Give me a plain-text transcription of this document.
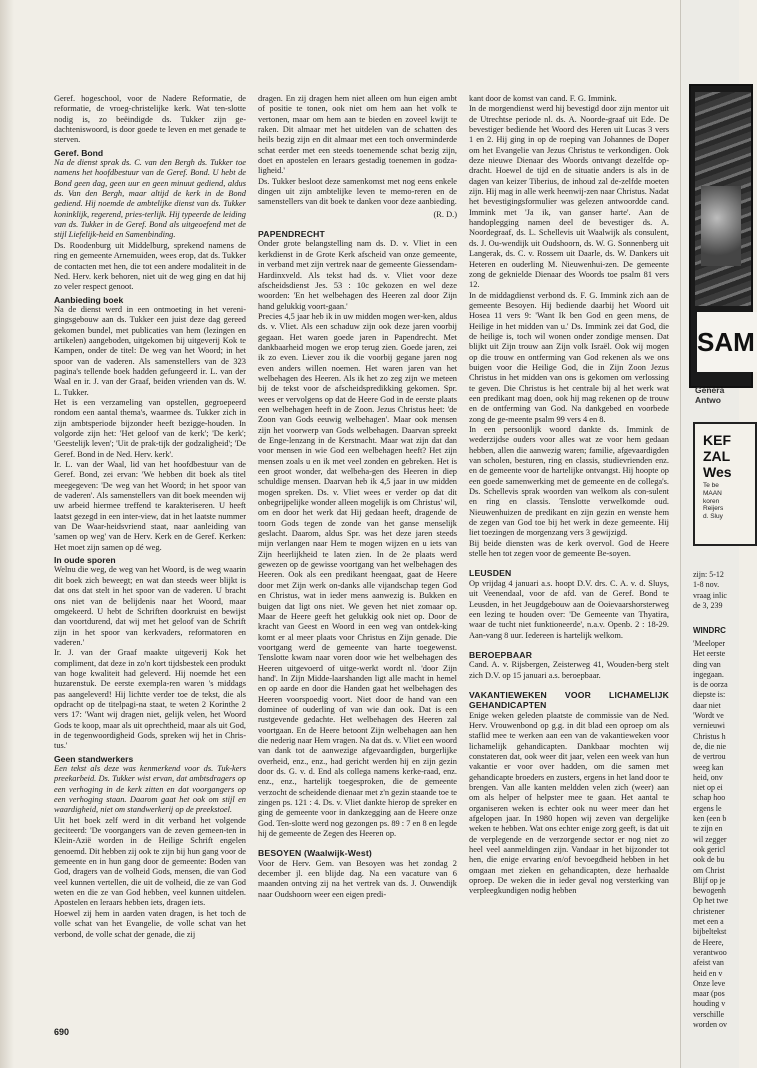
Geref. hogeschool, voor de Nadere Reformatie, de reformatie, de vroeg-christelijke kerk. Wat ten-slotte nodig is, zo beëindigde ds. Tukker zijn ge-dachteniswoord, is door goede te leven en met genade te sterven.

Geref. Bond

Na de dienst sprak ds. C. van den Bergh ds. Tukker toe namens het hoofdbestuur van de Geref. Bond. U hebt de Bond geen dag, geen uur en geen minuut gediend, aldus ds. Van den Bergh, maar altijd de kerk in de Bond gediend. Hij noemde de ambtelijke dienst van ds. Tukker koninklijk, regerend, pries-terlijk. Hij typeerde de leiding van ds. Tukker in de Geref. Bond als uitgeoefend met de stijl Liefelijk-heid en Samenbinding.

Ds. Roodenburg uit Middelburg, sprekend namens de ring en gemeente Arnemuiden, wees erop, dat ds. Tukker de contacten met hen, die tot een andere modaliteit in de Ned. Herv. kerk behoren, niet uit de weg ging en dat hij zo veler respect genoot.

Aanbieding boek

Na de dienst werd in een ontmoeting in het vereni-gingsgebouw aan ds. Tukker een juist deze dag gereed gekomen bundel, met publicaties van hem (lezingen en artikelen) aangeboden, uitgekomen bij uitgeverij Kok te Kampen, onder de titel: De weg van het Woord; in het spoor van de vaderen. Als samenstellers van de 323 pagina's tellende boek hadden gefungeerd ir. L. van der Waal en ir. J. van der Graaf, beiden vrienden van ds. W. L. Tukker.

Het is een verzameling van opstellen, gegroepeerd rondom een aantal thema's, waarmee ds. Tukker zich in zijn ambtsperiode bijzonder heeft bezigge-houden. In volgorde zijn het: 'Het geloof van de kerk'; 'De kerk'; 'Geestelijk leven'; 'Uit de prak-tijk der godzaligheid'; 'De Geref. Bond in de Ned. Herv. kerk'.

Ir. L. van der Waal, lid van het hoofdbestuur van de Geref. Bond, zei ervan: 'We hebben dit boek als titel meegegeven: 'De weg van het Woord; in het spoor van de vaderen'. Als samenstellers van dit boek meenden wij uw arbeid hiermee treffend te karakteriseren. U heeft laatst gezegd in een inter-view, dat in het laatste nummer van De Waar-heidsvriend staat, naar aanleiding van 'samen op weg' van de Herv. Kerk en de Geref. Kerken: Het moet zijn samen op dé weg.

In oude sporen

Welnu die weg, de weg van het Woord, is de weg waarin dit boek zich beweegt; en wat dan steeds weer blijkt is dat ons dat stelt in het spoor van de vaderen. U bracht ons niet van de belijdenis naar het Woord, maar omgekeerd. U hebt de Schriften doorkruist en bewijst dan voortdurend, dat wij met het geloof van de Schrift zijn in het spoor van kerkvaders, reformatoren en vaderen.'

Ir. J. van der Graaf maakte uitgeverij Kok het compliment, dat deze in zo'n kort tijdsbestek een produkt van hoge kwaliteit had geleverd. Hij noemde het een huzarenstuk. De eerste exempla-ren waren 's middags pas aangeleverd! Hij lichtte verder toe de tekst, die als opdracht op de titelpagi-na staat, te weten 2 Korinthe 2 vers 17: 'Want wij dragen niet, gelijk velen, het Woord Gods te koop, maar als uit oprechtheid, maar als uit God, in de tegenwoordigheid Gods, spreken wij het in Chris-tus.'

Geen standwerkers

Een tekst als deze was kenmerkend voor ds. Tuk-kers preekarbeid. Ds. Tukker wist ervan, dat ambtsdragers op een verhoging in de kerk zitten en dat voorgangers op een verhoging staan. Daarom gaat het ook om stijl en waardigheid, niet om standwerkerij op de preekstoel.

Uit het boek zelf werd in dit verband het volgende geciteerd: 'De voorgangers van de zeven gemeen-ten in Klein-Azië worden in de Heilige Schrift engelen genoemd. Dit hebben zij ook te zijn bij hun gang voor de gemeente en in hun gang door de gemeente: Boden van God, dragers van de volheid Gods, mensen, die van God veel kunnen vertellen, die uit de volheid, die ze van God weten en die ze van God hebben, veel kunnen uitdelen. Apostelen en leraars hebben iets, dragen iets.

Hoewel zij hem in aarden vaten dragen, is het toch de volle schat van het Evangelie, de volle schat van het verbond, de volle schat der genade, die zij

dragen. En zij dragen hem niet alleen om hun eigen ambt of positie te tonen, ook niet om hem aan het volk te vertonen, maar om hem aan te bieden en zoveel kwijt te raken. Dit almaar met het uitdelen van de schatten des heils bezig zijn en dit almaar met een toch onverminderde schat eerder met een steeds toenemende schat bezig zijn, doet en apostelen en leraars gestadig toenemen in godza-ligheid.'

Ds. Tukker besloot deze samenkomst met nog eens enkele dingen uit zijn ambtelijke leven te memo-reren en de samenstellers van dit boek te danken voor deze aanbieding.

(R. D.)
PAPENDRECHT

Onder grote belangstelling nam ds. D. v. Vliet in een kerkdienst in de Grote Kerk afscheid van onze gemeente, in verband met zijn vertrek naar de gemeente Giessendam-Hardinxveld. Als tekst had ds. v. Vliet voor deze afscheidsdienst Jes. 53 : 10c gekozen en wel deze woorden: 'En het welbehagen des Heeren zal door Zijn hand gelukkig voort-gaan.'

Precies 4,5 jaar heb ik in uw midden mogen wer-ken, aldus ds. v. Vliet. Als een schaduw zijn ook deze jaren voorbij gegaan. Het waren goede jaren in Papendrecht. Met dankbaarheid mogen we erop terug zien. Goede jaren, zei ik zo even. Liever zou ik die voorbij gegane jaren nog even anders willen noemen. Het waren jaren van het welbehagen des Heeren. Als ik het zo zeg zijn we meteen bij de tekst voor de afscheidspredikking gekomen. Spr. wees er vervolgens op dat de Heere God in de eerste plaats een welbehagen heeft in de Zoon. Jezus Christus heet: 'de Zoon van Gods eeuwig welbehagen'. Maar ook mensen zijn het voorwerp van Gods welbehagen. Daarvan spreekt de Enge-lenzang in de Kerstnacht. Maar wat zijn dat dan voor mensen in wie God een welbehagen heeft? Het zijn mensen zoals u en ik met veel zonden en gebreken. Het is een groot wonder, dat welbeha-gen des Heeren in diep schuldige mensen. Daarvan heb ik 4,5 jaar in uw midden mogen spreken. Ds. v. Vliet wees er verder op dat dit onbegrijpelijke wonder alleen mogelijk is om Christus' wil, om en door het werk dat Hij gedaan heeft, dragende de toorn Gods tegen de zonde van het ganse menselijk geslacht. Daarom, aldus Spr. was het deze jaren steeds mijn verlangen naar Hem te mogen wijzen en u iets van Zijn heerlijkheid te laten zien. In de 2e plaats werd gewezen op de gewisse voortgang van het welbehagen des Heeren. Ook als een predikant heengaat, gaat de Heere door met Zijn werk on-danks alle vijandschap tegen God en Christus, wat in ieder mens aanwezig is. Bukken en buigen dat ligt ons niet. We geven het niet zomaar op. Maar de Heere geeft het gelukkig ook niet op. Door de kracht van Geest en Woord in een weg van ontdek-king komt er al meer plaats voor Christus en Zijn genade. Die voortgang werd de gemeente van harte toegewenst. Tenslotte kwam naar voren door wie het welbehagen des Heeren uitgevoerd of uitge-werkt wordt nl. 'door Zijn hand'. In Zijn Midde-laarshanden ligt alle macht in hemel en op aarde en door die Handen gaat het welbehagen des Heeren voorspoedig voort. Niet door de hand van een dominee of ouderling of van wie dan ook. Dat is een rustgevende gedachte. Het welbehagen des Heeren zal voortgaan. En de Heere betoont Zijn welbehagen aan hen die nederig naar Hem vragen. Na dat ds. v. Vliet een woord van dank tot de aanwezige afgevaardigden, burgerlijke overheid, enz., enz., had gericht werden hij en zijn gezin door ds. G. v. d. End als collega namens kerke-raad, enz. enz., enz., hartelijk toegesproken, die de gemeente verzocht de scheidende dienaar met z'n gezin staande toe te zingen ps. 121 : 4. Ds. v. Vliet dankte hierop de spreker en ging de gemeente voor in dankzegging aan de Heere onze God. Ten-slotte werd nog gezongen ps. 89 : 7 en 8 en legde hij de gemeente de Zegen des Heeren op.

BESOYEN (Waalwijk-West)

Voor de Herv. Gem. van Besoyen was het zondag 2 december jl. een blijde dag. Na een vacature van 6 maanden ontving zij na het vertrek van ds. J. Ouwendijk naar Oudshoorn weer een eigen predi-

kant door de komst van cand. F. G. Immink.

In de morgendienst werd hij bevestigd door zijn mentor uit de Utrechtse periode nl. ds. A. Noorde-graaf uit Ede. De bevestiger bediende het Woord des Heren uit Lucas 3 vers 1 en 2. Hij ging in op de roeping van Johannes de Doper om het Evangelie van Jezus Christus te verkondigen. Ook deze nieuwe Dienaar des Woords ontvangt dezelfde op-dracht. Hoewel de tijd en de situatie anders is als in de dagen van keizer Tiberius, de inhoud zal de-zelfde moeten zijn. Hij mag in alle werk heenwij-zen naar Christus. Nadat het bevestigingsformulier was gelezen antwoordde cand. Immink met 'Ja ik, van ganser harte'. Aan de handoplegging namen deel de bevestiger ds. A. Noordegraaf, ds. L. Schellevis uit Waalwijk als consulent, ds. J. Ou-wendijk uit Oudshoorn, ds. W. G. Sonnenberg uit Langerak, ds. C. v. Rossem uit Daarle, ds. W. Dankers uit Heteren en ouderling M. Nieuwenhui-zen. De gemeente zong de geknielde Dienaar des Woords toe psalm 81 vers 12.

In de middagdienst verbond ds. F. G. Immink zich aan de gemeente Besoyen. Hij bediende daarbij het Woord uit Hosea 11 vers 9: 'Want Ik ben God en geen mens, de Heilige in het midden van u.' Ds. Immink zei dat God, die de heilige is, toch wil wonen onder zondige mensen. Dat blijkt uit Zijn trouw aan Zijn volk Israël. Ook wij mogen op die trouw en ontferming van God rekenen als we ons buigen voor die Heilige God, die in Zijn Zoon Jezus Christus in het midden van ons is gekomen om verlossing te geven. Die Christus is het centrale bij al het werk wat een predikant mag doen, ook hij mag rekenen op de trouw en de ontferming van God. Na dankgebed en voorbede zong de ge-meente psalm 99 vers 4 en 8.

In een persoonlijk woord dankte ds. Immink de wederzijdse ouders voor alles wat ze voor hem gedaan hebben, allen die aanwezig waren; familie, afgevaardigden van scholen, besturen, ring en classis, studievrienden enz. en de gemeente voor de hartelijke ontvangst. Hij hoopte op een goede samenwerking met de gemeente en de collega's. Ds. Schellevis sprak woorden van welkom als con-sulent en ring en classis. Tenslotte verwelkomde oud. Nieuwenhuizen de predikant en zijn gezin en wenste hem de zegen van God toe bij het werk in deze gemeente. Hij liet toezingen de morgenzang vers 3 gewijzigd.

Bij beide diensten was de kerk overvol. God de Heere stelle hen tot zegen voor de gemeente Be-soyen.

LEUSDEN

Op vrijdag 4 januari a.s. hoopt D.V. drs. C. A. v. d. Sluys, uit Veenendaal, voor de afd. van de Geref. Bond te Leusden, in het Jeugdgebouw aan de Ooievaarshorsterweg een lezing te houden over: 'De Gemeente van Thyatira, waar de tucht niet funktioneerde', n.a.v. Openb. 2 : 18-29. Aan-vang 8 uur. Iedereen is hartelijk welkom.

BEROEPBAAR

Cand. A. v. Rijsbergen, Zeisterweg 41, Wouden-berg stelt zich D.V. op 15 januari a.s. beroepbaar.

VAKANTIEWEKEN VOOR LICHAMELIJK GEHANDICAPTEN

Enige weken geleden plaatste de commissie van de Ned. Herv. Vrouwenbond op g.g. in dit blad een oproep om als staflid mee te werken aan een van de vakantieweken voor lichamelijk gehandicapten. Dankbaar mochten wij constateren dat, ook weer dit jaar, velen een week van hun vakantie er voor over hadden, om die samen met gehandicapte broeders en zusters, ergens in het land door te brengen. Van alle kanten meldden velen zich (weer) aan om als helper of helpster mee te gaan. Het aantal te organiseren weken is echter ook nu weer meer dan het afgelopen jaar. In 1980 hopen wij zeven van dergelijke weken te hebben. Wat ons echter enige zorg geeft, is dat uit de verplegende en de verzorgende sector er nog niet zo heel veel aanmeldingen zijn. Vandaar in het bijzonder tot hen, die enige ervaring en/of bevoegdheid hebben in het omgaan met zieken en gehandicapten, deze herhaalde oproep. De weken die in ieder geval nog versterking van verpleegkundigen nodig hebben

690
SAM
Genera
Antwo
KEF
ZAL
Wes
Te be
MAAN
koren
Reijers
d. Sluy
zijn: 5-12
1-8 nov.
vraag inlic
de 3, 239
WINDRC
'Meeloper
Het eerste
ding van
ingegaan.
is de oorza
diepste is:
daar niet
'Wordt ve
vernieuwi
Christus h
de, die nie
de vertrou
weeg kan
heid, onv
niet op ei
schap hoo
ergens le
ken (een b
te zijn en
wil zegger
ook gericl
ook de bu
om Christ
Blijf op je
bewogenh
Op het twe
christener
met een a
bijbeltekst
de Heere,
verantwoo
afeist van
heid en v
Onze leve
maar (pos
houding v
verschille
worden ov
